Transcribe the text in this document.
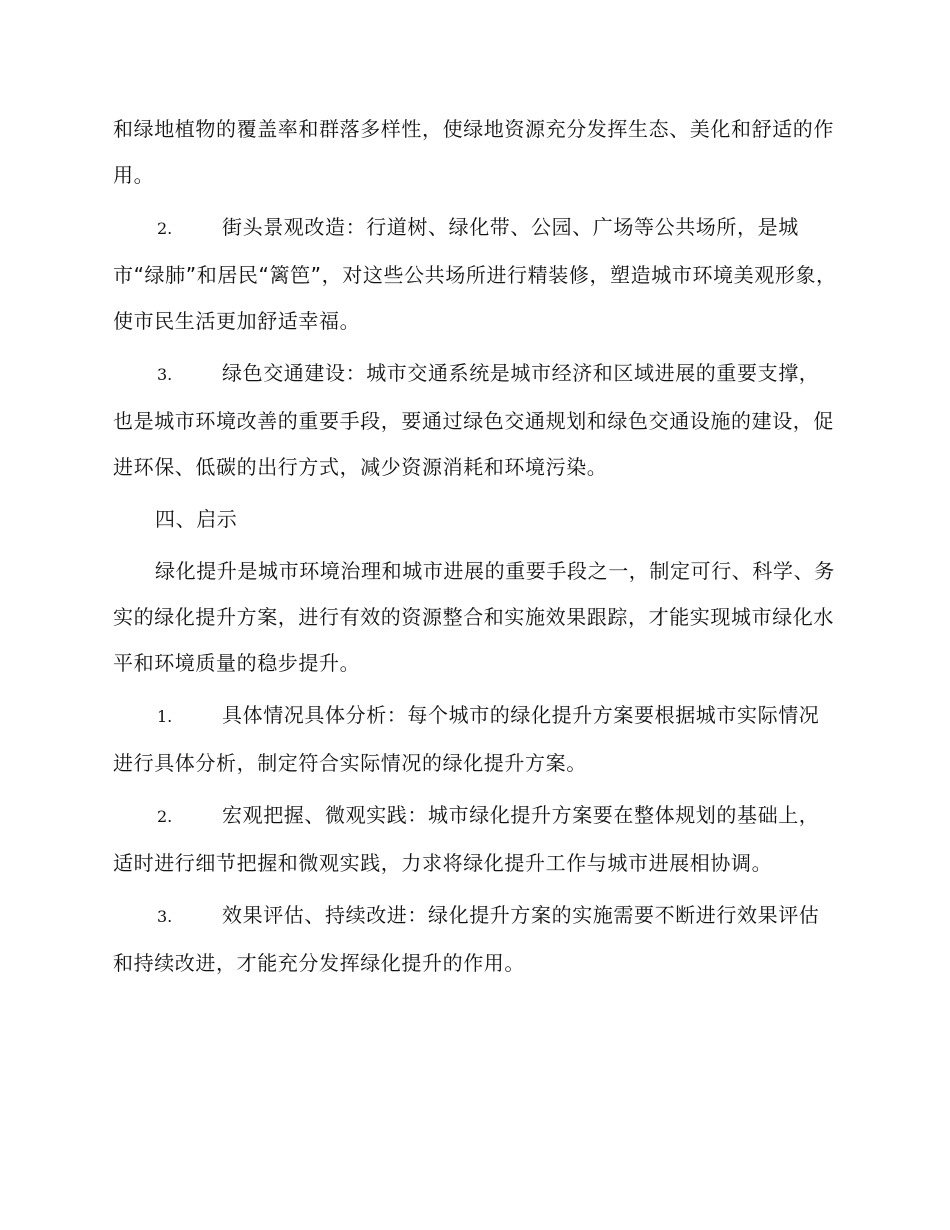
和绿地植物的覆盖率和群落多样性，使绿地资源充分发挥生态、美化和舒适的作用。

2. 街头景观改造：行道树、绿化带、公园、广场等公共场所，是城市“绿肺”和居民“篱笆”，对这些公共场所进行精装修，塑造城市环境美观形象，使市民生活更加舒适幸福。

3. 绿色交通建设：城市交通系统是城市经济和区域进展的重要支撑，也是城市环境改善的重要手段，要通过绿色交通规划和绿色交通设施的建设，促进环保、低碳的出行方式，减少资源消耗和环境污染。

四、启示

绿化提升是城市环境治理和城市进展的重要手段之一，制定可行、科学、务实的绿化提升方案，进行有效的资源整合和实施效果跟踪，才能实现城市绿化水平和环境质量的稳步提升。

1. 具体情况具体分析：每个城市的绿化提升方案要根据城市实际情况进行具体分析，制定符合实际情况的绿化提升方案。

2. 宏观把握、微观实践：城市绿化提升方案要在整体规划的基础上，适时进行细节把握和微观实践，力求将绿化提升工作与城市进展相协调。

3. 效果评估、持续改进：绿化提升方案的实施需要不断进行效果评估和持续改进，才能充分发挥绿化提升的作用。
